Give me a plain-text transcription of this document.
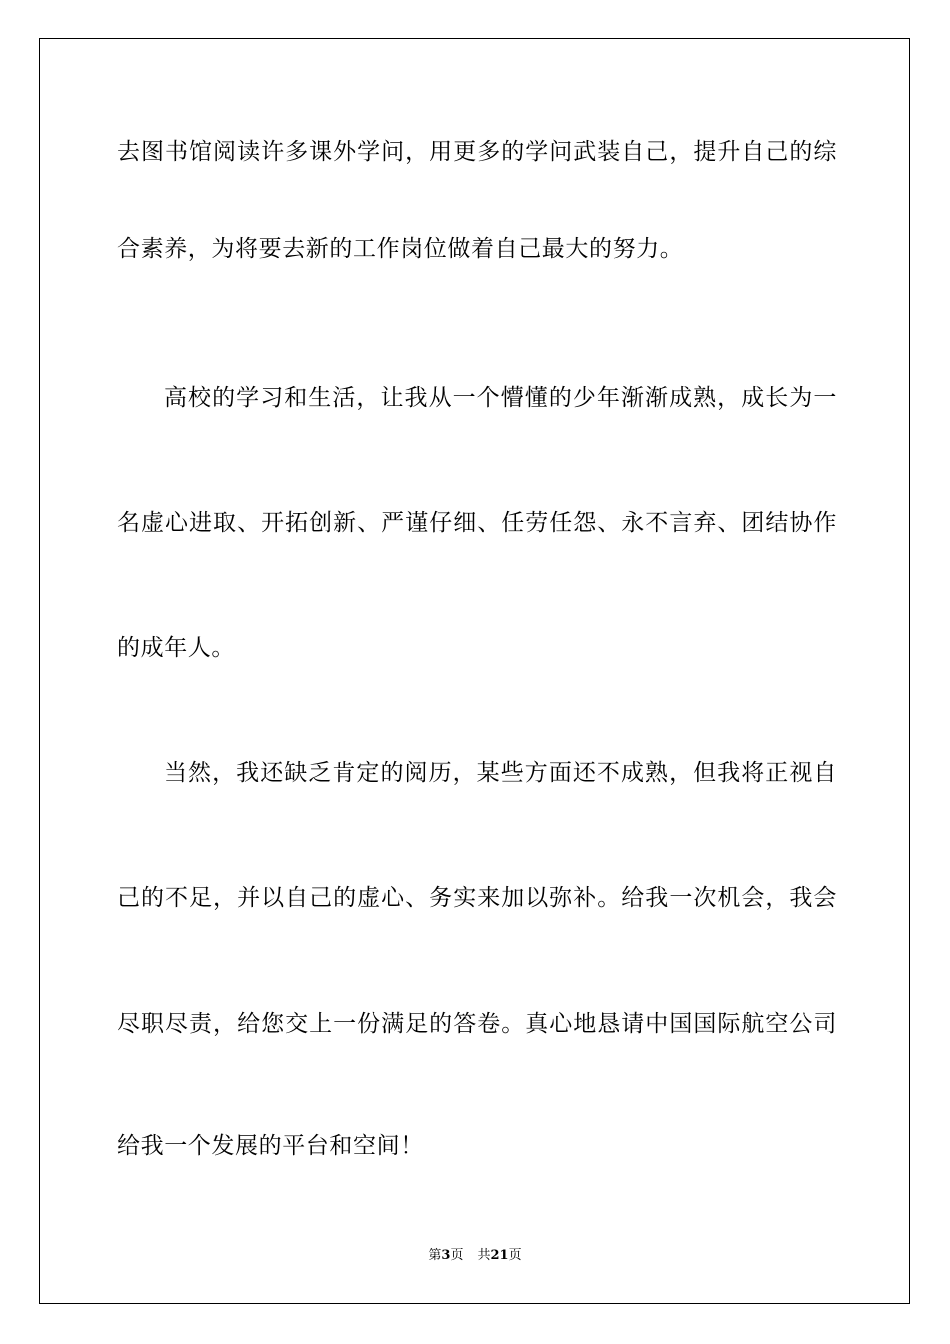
去图书馆阅读许多课外学问，用更多的学问武装自己，提升自己的综
合素养，为将要去新的工作岗位做着自己最大的努力。
高校的学习和生活，让我从一个懵懂的少年渐渐成熟，成长为一
名虚心进取、开拓创新、严谨仔细、任劳任怨、永不言弃、团结协作
的成年人。
当然，我还缺乏肯定的阅历，某些方面还不成熟，但我将正视自
己的不足，并以自己的虚心、务实来加以弥补。给我一次机会，我会
尽职尽责，给您交上一份满足的答卷。真心地恳请中国国际航空公司
给我一个发展的平台和空间！
第3页 共21页
